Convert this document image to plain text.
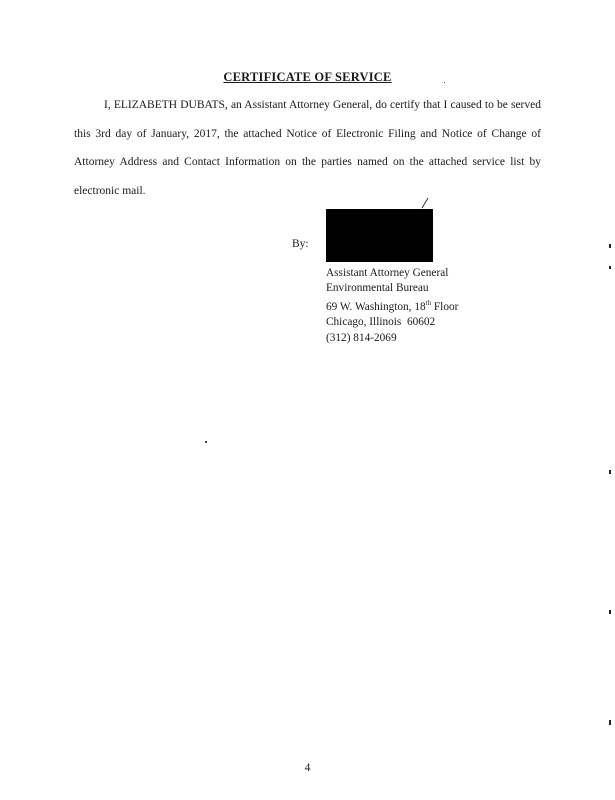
CERTIFICATE OF SERVICE

I, ELIZABETH DUBATS, an Assistant Attorney General, do certify that I caused to be served this 3rd day of January, 2017, the attached Notice of Electronic Filing and Notice of Change of Attorney Address and Contact Information on the parties named on the attached service list by electronic mail.

By:
Assistant Attorney General
Environmental Bureau
69 W. Washington, 18th Floor
Chicago, Illinois  60602
(312) 814-2069
4
